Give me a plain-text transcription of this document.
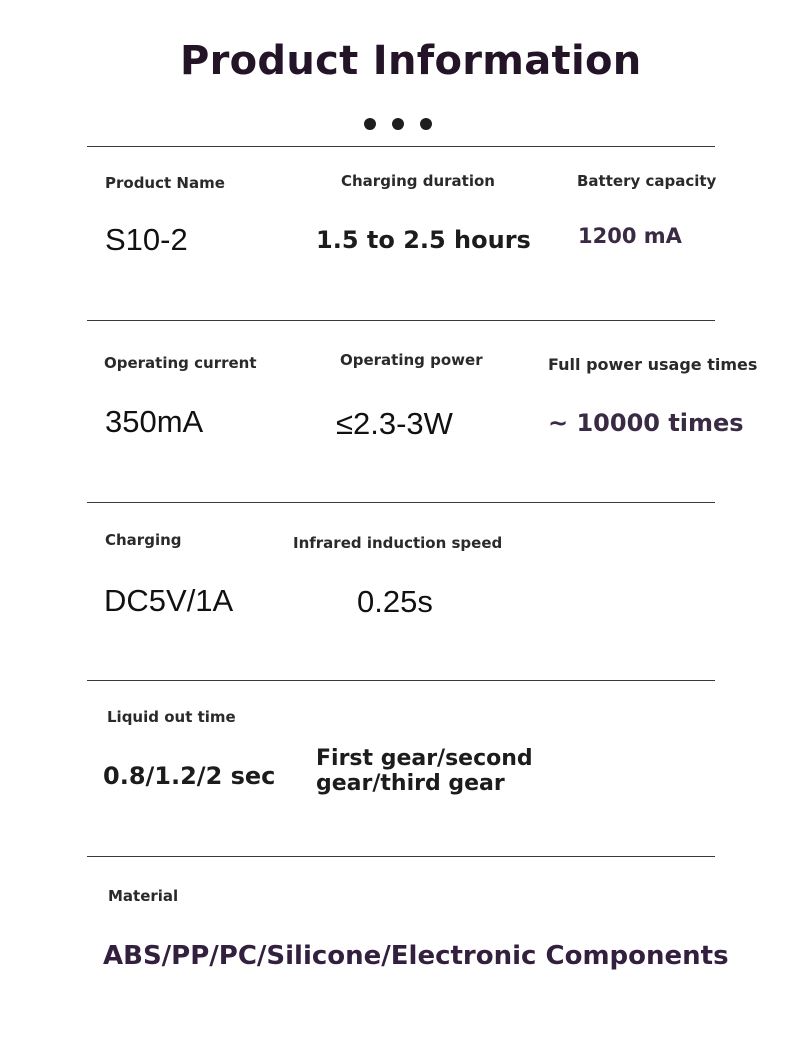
Product Information
Product Name
S10-2
Charging duration
1.5 to 2.5 hours
Battery capacity
1200 mA
Operating current
350mA
Operating power
≤2.3-3W
Full power usage times
~ 10000 times
Charging
DC5V/1A
Infrared induction speed
0.25s
Liquid out time
0.8/1.2/2 sec
First gear/second gear/third gear
Material
ABS/PP/PC/Silicone/Electronic Components
